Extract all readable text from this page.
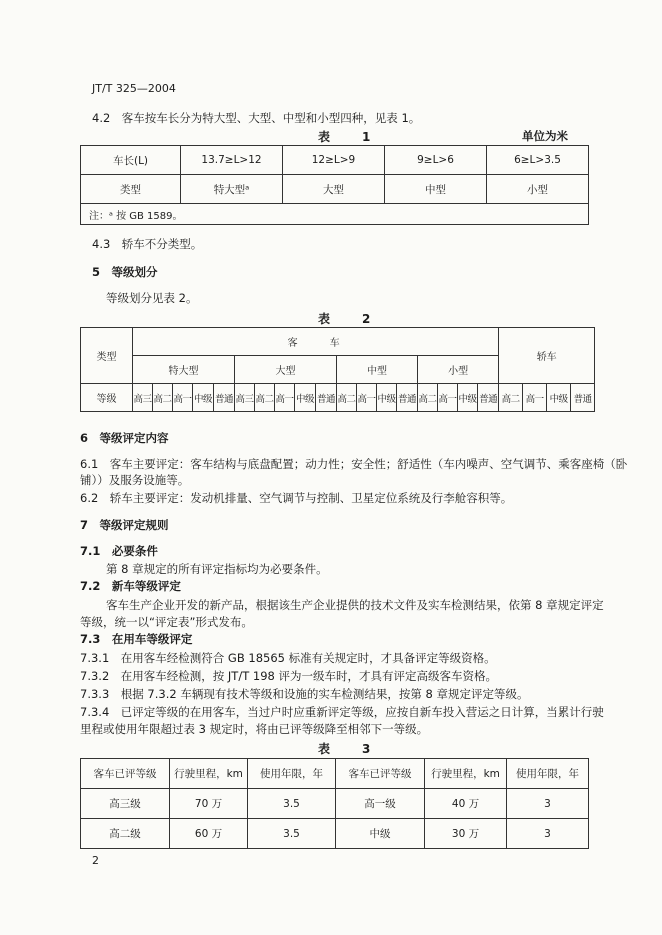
JT/T 325—2004
4.2　客车按车长分为特大型、大型、中型和小型四种，见表 1。
表　1	单位为米
车长(L)	13.7≥L>12	12≥L>9	9≥L>6	6≥L>3.5
类型	特大型ᵃ	大型	中型	小型
注：ᵃ 按 GB 1589。				
4.3　轿车不分类型。
5　等级划分
等级划分见表 2。
表　2
类型	客　　车																		轿车			
	特大型					大型					中型				小型							
等级	高三	高二	高一	中级	普通	高三	高二	高一	中级	普通	高二	高一	中级	普通	高二	高一	中级	普通	高二	高一	中级	普通
6　等级评定内容
6.1　客车主要评定：客车结构与底盘配置；动力性；安全性；舒适性（车内噪声、空气调节、乘客座椅（卧
铺））及服务设施等。
6.2　轿车主要评定：发动机排量、空气调节与控制、卫星定位系统及行李舱容积等。
7　等级评定规则
7.1　必要条件
第 8 章规定的所有评定指标均为必要条件。
7.2　新车等级评定
客车生产企业开发的新产品，根据该生产企业提供的技术文件及实车检测结果，依第 8 章规定评定
等级，统一以“评定表”形式发布。
7.3　在用车等级评定
7.3.1　在用客车经检测符合 GB 18565 标准有关规定时，才具备评定等级资格。
7.3.2　在用客车经检测，按 JT/T 198 评为一级车时，才具有评定高级客车资格。
7.3.3　根据 7.3.2 车辆现有技术等级和设施的实车检测结果，按第 8 章规定评定等级。
7.3.4　已评定等级的在用客车，当过户时应重新评定等级，应按自新车投入营运之日计算，当累计行驶
里程或使用年限超过表 3 规定时，将由已评等级降至相邻下一等级。
表　3
客车已评等级	行驶里程，km	使用年限，年	客车已评等级	行驶里程，km	使用年限，年
高三级	70 万	3.5	高一级	40 万	3
高二级	60 万	3.5	中级	30 万	3
2
